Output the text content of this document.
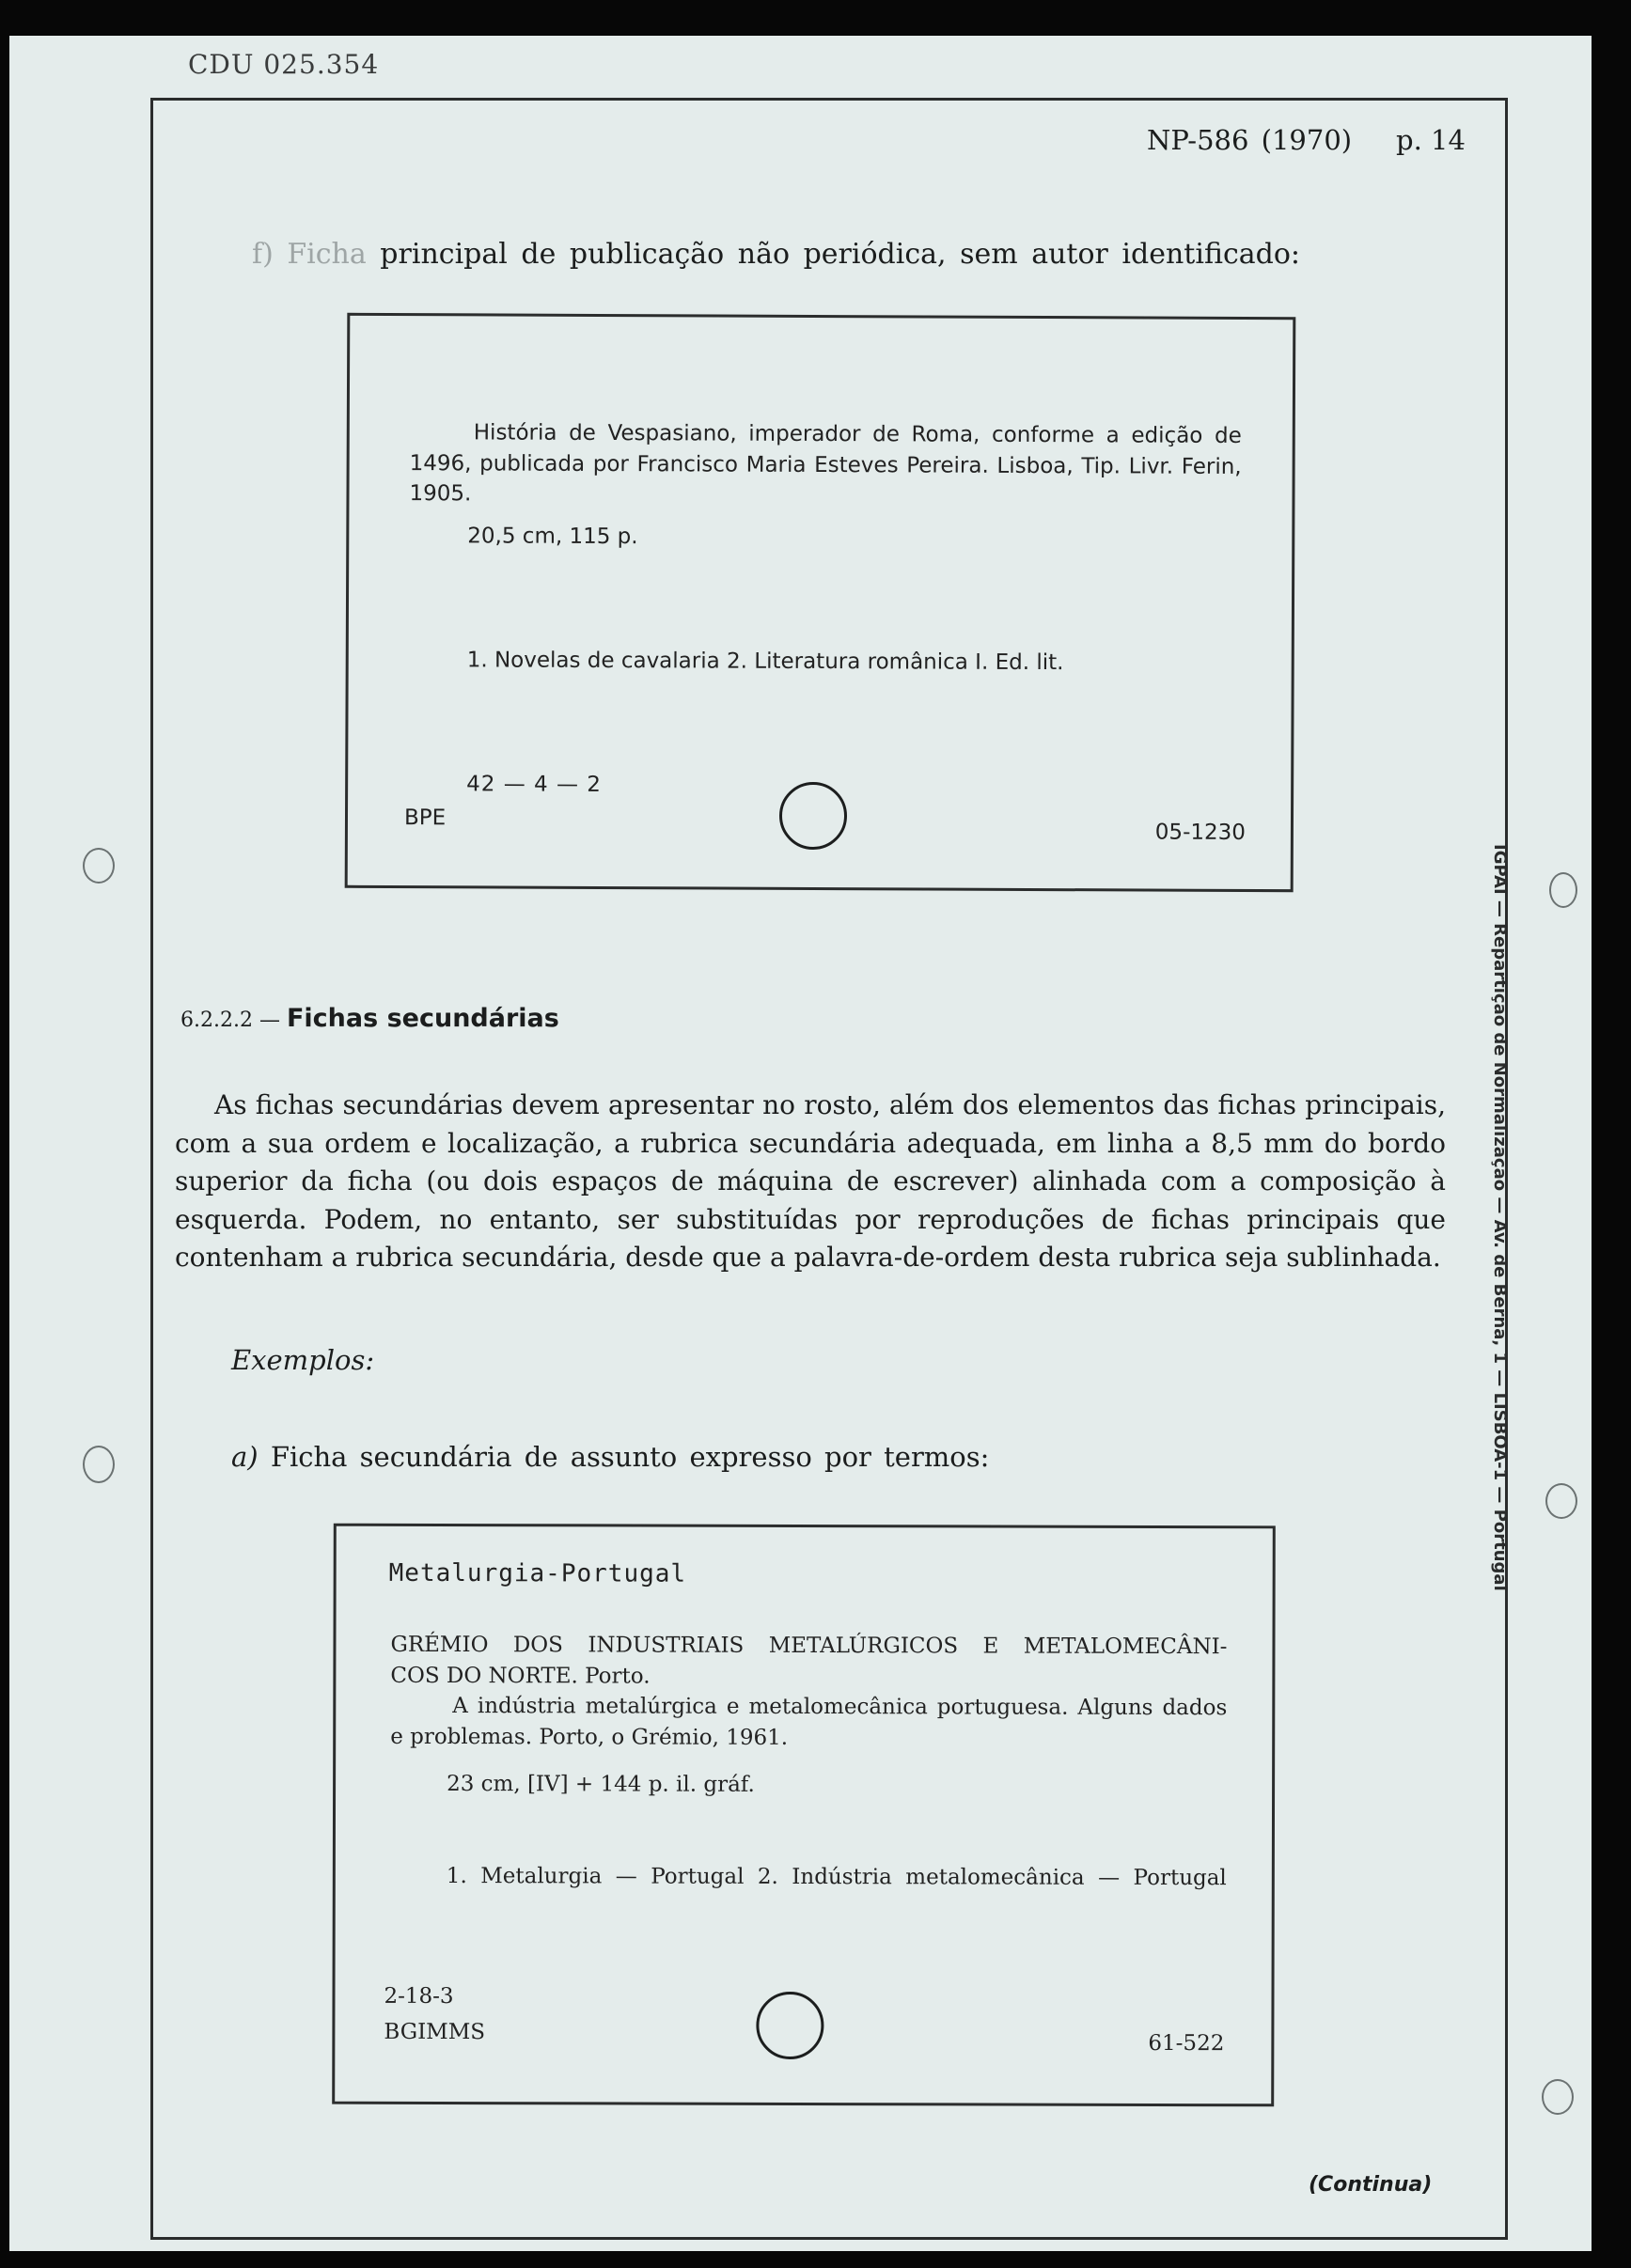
CDU 025.354
NP-586 (1970) p. 14
f) Ficha principal de publicação não periódica, sem autor identificado:
História de Vespasiano, imperador de Roma, conforme a edição de 1496, publicada por Francisco Maria Esteves Pereira. Lisboa, Tip. Livr. Ferin, 1905.
20,5 cm, 115 p.
1. Novelas de cavalaria 2. Literatura românica I. Ed. lit.
42 — 4 — 2
BPE
05-1230
6.2.2.2 — Fichas secundárias
As fichas secundárias devem apresentar no rosto, além dos elementos das fichas principais, com a sua ordem e localização, a rubrica secundária adequada, em linha a 8,5 mm do bordo superior da ficha (ou dois espaços de máquina de escrever) alinhada com a composição à esquerda. Podem, no entanto, ser substituídas por reproduções de fichas principais que contenham a rubrica secundária, desde que a palavra-de-ordem desta rubrica seja sublinhada.
Exemplos:
a) Ficha secundária de assunto expresso por termos:
Metalurgia-Portugal
GRÉMIO DOS INDUSTRIAIS METALÚRGICOS E METALOMECÂNI-
COS DO NORTE. Porto.
A indústria metalúrgica e metalomecânica portuguesa. Alguns dados
e problemas. Porto, o Grémio, 1961.
23 cm, [IV] + 144 p. il. gráf.
1. Metalurgia — Portugal 2. Indústria metalomecânica — Portugal
2-18-3
BGIMMS	61-522
(Continua)
IGPAI — Repartição de Normalização — Av. de Berna, 1 — LISBOA-1 — Portugal
